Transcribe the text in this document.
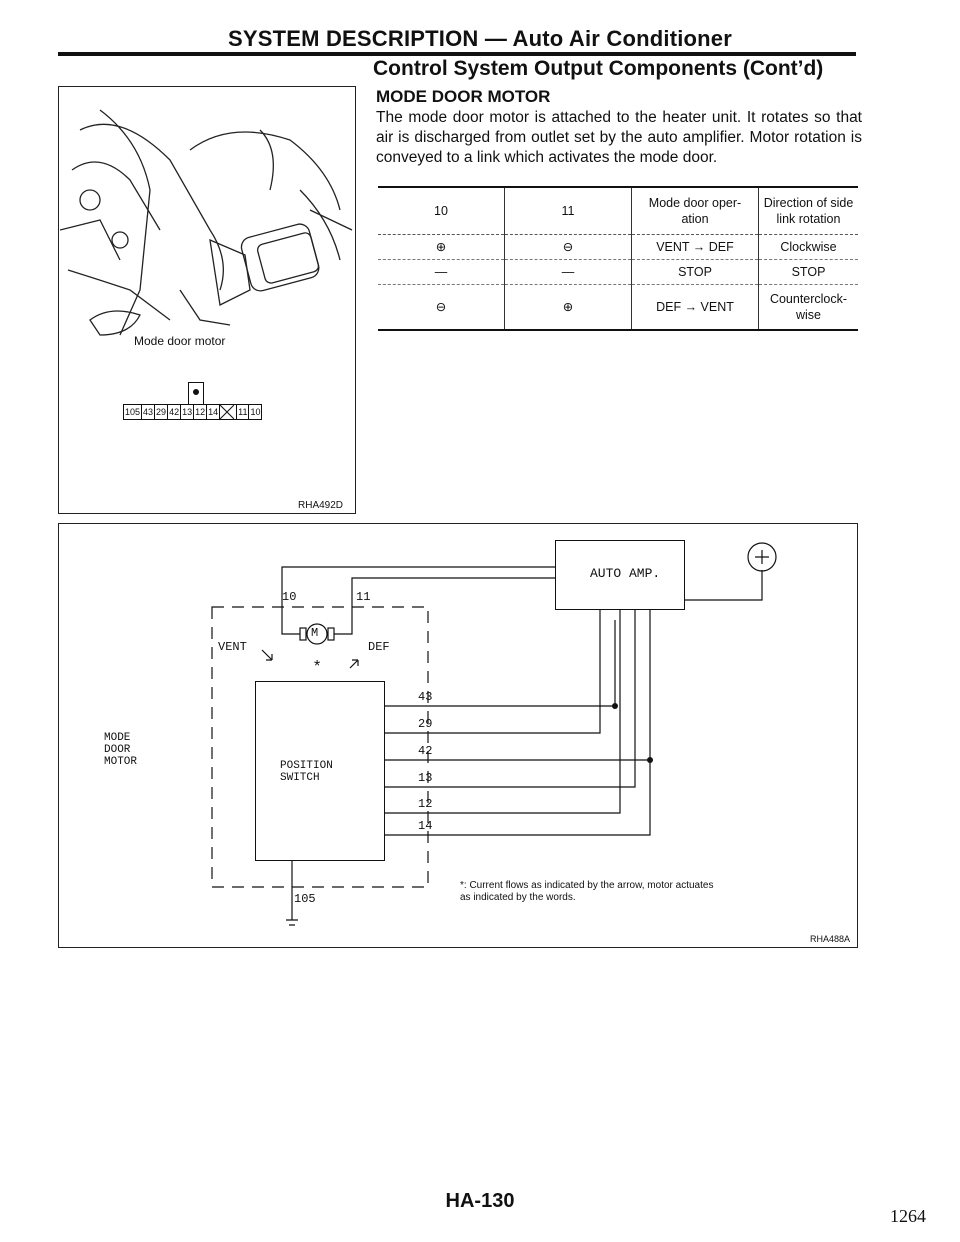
SYSTEM DESCRIPTION — Auto Air Conditioner
Control System Output Components (Cont’d)
MODE DOOR MOTOR
The mode door motor is attached to the heater unit. It rotates so that air is discharged from outlet set by the auto amplifier. Motor rotation is conveyed to a link which activates the mode door.
Mode door motor
105 43 29 42 13 12 14 11 10
RHA492D
10	11	Mode door oper-ation	Direction of side link rotation
⊕	⊖	VENT → DEF	Clockwise
—	—	STOP	STOP
⊖	⊕	DEF → VENT	Counterclock-wise
AUTO AMP.
M
10	11
VENT	DEF
*
POSITION SWITCH
MODE DOOR MOTOR
43
29
42
13
12
14
105
*: Current flows as indicated by the arrow, motor actuates as indicated by the words.
RHA488A
HA-130
1264
